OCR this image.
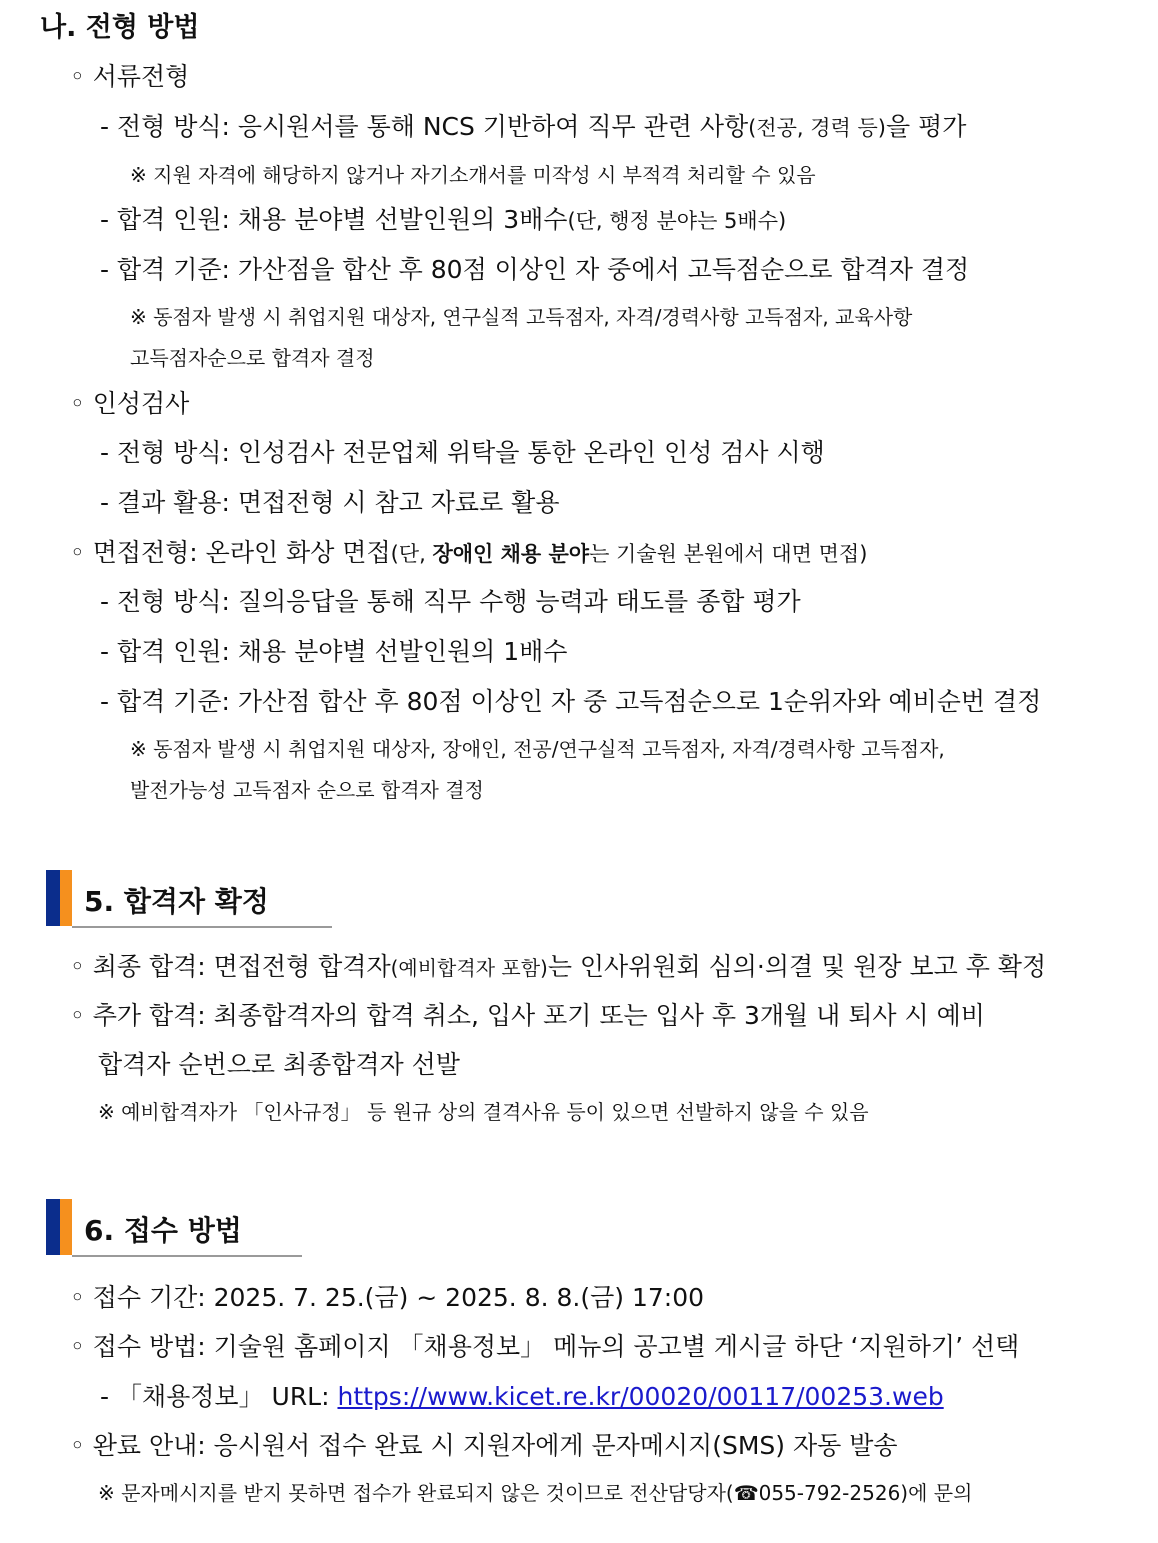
나. 전형 방법
◦ 서류전형
- 전형 방식: 응시원서를 통해 NCS 기반하여 직무 관련 사항(전공, 경력 등)을 평가
※ 지원 자격에 해당하지 않거나 자기소개서를 미작성 시 부적격 처리할 수 있음
- 합격 인원: 채용 분야별 선발인원의 3배수(단, 행정 분야는 5배수)
- 합격 기준: 가산점을 합산 후 80점 이상인 자 중에서 고득점순으로 합격자 결정
※ 동점자 발생 시 취업지원 대상자, 연구실적 고득점자, 자격/경력사항 고득점자, 교육사항
고득점자순으로 합격자 결정
◦ 인성검사
- 전형 방식: 인성검사 전문업체 위탁을 통한 온라인 인성 검사 시행
- 결과 활용: 면접전형 시 참고 자료로 활용
◦ 면접전형: 온라인 화상 면접(단, 장애인 채용 분야는 기술원 본원에서 대면 면접)
- 전형 방식: 질의응답을 통해 직무 수행 능력과 태도를 종합 평가
- 합격 인원: 채용 분야별 선발인원의 1배수
- 합격 기준: 가산점 합산 후 80점 이상인 자 중 고득점순으로 1순위자와 예비순번 결정
※ 동점자 발생 시 취업지원 대상자, 장애인, 전공/연구실적 고득점자, 자격/경력사항 고득점자,
발전가능성 고득점자 순으로 합격자 결정
5. 합격자 확정
◦ 최종 합격: 면접전형 합격자(예비합격자 포함)는 인사위원회 심의·의결 및 원장 보고 후 확정
◦ 추가 합격: 최종합격자의 합격 취소, 입사 포기 또는 입사 후 3개월 내 퇴사 시 예비
합격자 순번으로 최종합격자 선발
※ 예비합격자가 「인사규정」 등 원규 상의 결격사유 등이 있으면 선발하지 않을 수 있음
6. 접수 방법
◦ 접수 기간: 2025. 7. 25.(금) ~ 2025. 8. 8.(금) 17:00
◦ 접수 방법: 기술원 홈페이지 「채용정보」 메뉴의 공고별 게시글 하단 ‘지원하기’ 선택
- 「채용정보」 URL: https://www.kicet.re.kr/00020/00117/00253.web
◦ 완료 안내: 응시원서 접수 완료 시 지원자에게 문자메시지(SMS) 자동 발송
※ 문자메시지를 받지 못하면 접수가 완료되지 않은 것이므로 전산담당자(☎055-792-2526)에 문의
